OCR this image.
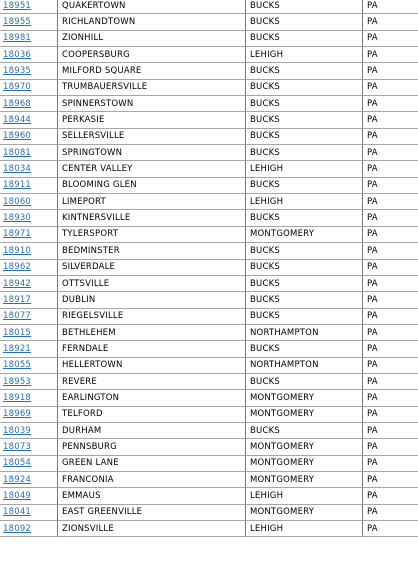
18951	QUAKERTOWN	BUCKS	PA
18955	RICHLANDTOWN	BUCKS	PA
18981	ZIONHILL	BUCKS	PA
18036	COOPERSBURG	LEHIGH	PA
18935	MILFORD SQUARE	BUCKS	PA
18970	TRUMBAUERSVILLE	BUCKS	PA
18968	SPINNERSTOWN	BUCKS	PA
18944	PERKASIE	BUCKS	PA
18960	SELLERSVILLE	BUCKS	PA
18081	SPRINGTOWN	BUCKS	PA
18034	CENTER VALLEY	LEHIGH	PA
18911	BLOOMING GLEN	BUCKS	PA
18060	LIMEPORT	LEHIGH	PA
18930	KINTNERSVILLE	BUCKS	PA
18971	TYLERSPORT	MONTGOMERY	PA
18910	BEDMINSTER	BUCKS	PA
18962	SILVERDALE	BUCKS	PA
18942	OTTSVILLE	BUCKS	PA
18917	DUBLIN	BUCKS	PA
18077	RIEGELSVILLE	BUCKS	PA
18015	BETHLEHEM	NORTHAMPTON	PA
18921	FERNDALE	BUCKS	PA
18055	HELLERTOWN	NORTHAMPTON	PA
18953	REVERE	BUCKS	PA
18918	EARLINGTON	MONTGOMERY	PA
18969	TELFORD	MONTGOMERY	PA
18039	DURHAM	BUCKS	PA
18073	PENNSBURG	MONTGOMERY	PA
18054	GREEN LANE	MONTGOMERY	PA
18924	FRANCONIA	MONTGOMERY	PA
18049	EMMAUS	LEHIGH	PA
18041	EAST GREENVILLE	MONTGOMERY	PA
18092	ZIONSVILLE	LEHIGH	PA
